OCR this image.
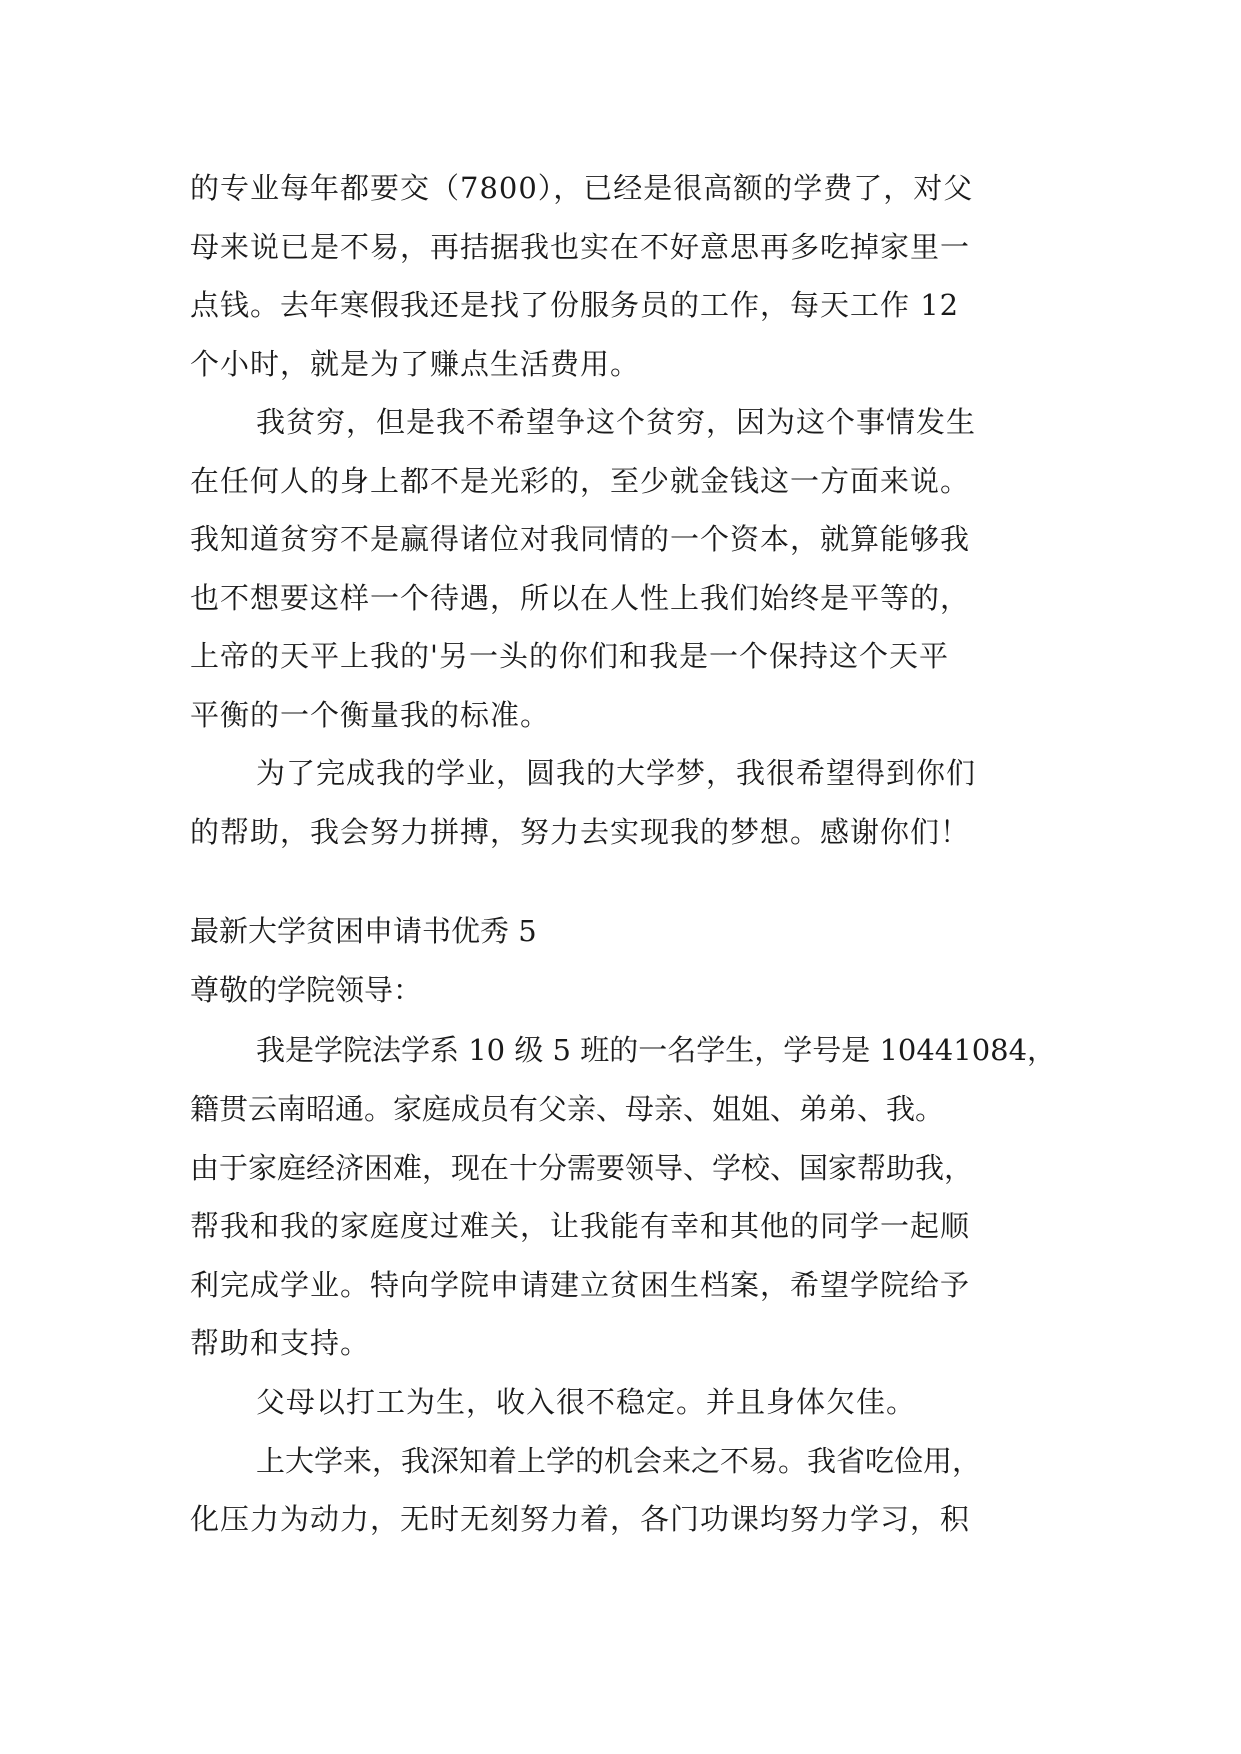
的专业每年都要交（7800），已经是很高额的学费了，对父

母来说已是不易，再拮据我也实在不好意思再多吃掉家里一

点钱。去年寒假我还是找了份服务员的工作，每天工作 12

个小时，就是为了赚点生活费用。

我贫穷，但是我不希望争这个贫穷，因为这个事情发生

在任何人的身上都不是光彩的，至少就金钱这一方面来说。

我知道贫穷不是赢得诸位对我同情的一个资本，就算能够我

也不想要这样一个待遇，所以在人性上我们始终是平等的，

上帝的天平上我的'另一头的你们和我是一个保持这个天平

平衡的一个衡量我的标准。

为了完成我的学业，圆我的大学梦，我很希望得到你们

的帮助，我会努力拼搏，努力去实现我的梦想。感谢你们！

最新大学贫困申请书优秀 5

尊敬的学院领导：

我是学院法学系 10 级 5 班的一名学生，学号是 10441084，

籍贯云南昭通。家庭成员有父亲、母亲、姐姐、弟弟、我。

由于家庭经济困难，现在十分需要领导、学校、国家帮助我，

帮我和我的家庭度过难关，让我能有幸和其他的同学一起顺

利完成学业。特向学院申请建立贫困生档案，希望学院给予

帮助和支持。

父母以打工为生，收入很不稳定。并且身体欠佳。

上大学来，我深知着上学的机会来之不易。我省吃俭用，

化压力为动力，无时无刻努力着，各门功课均努力学习，积
